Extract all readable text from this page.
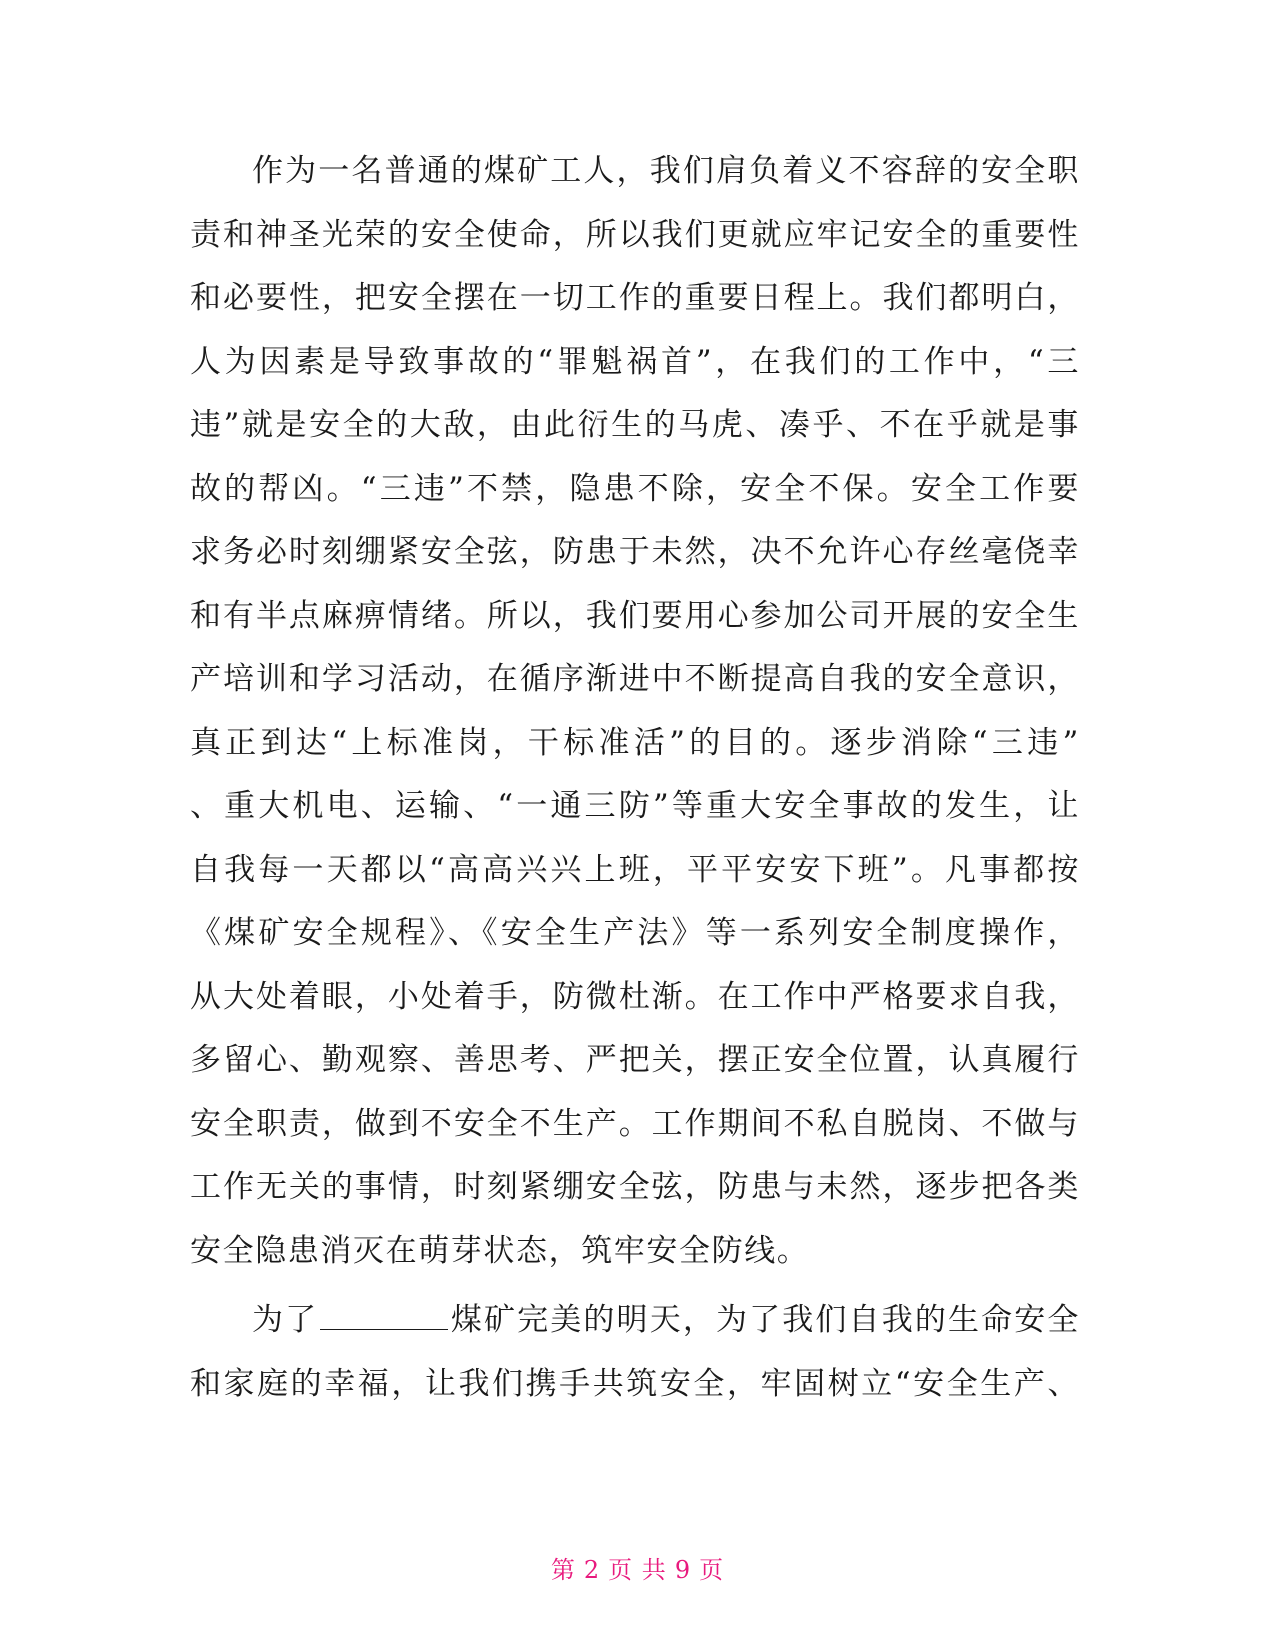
作为一名普通的煤矿工人，我们肩负着义不容辞的安全职
责和神圣光荣的安全使命，所以我们更就应牢记安全的重要性
和必要性，把安全摆在一切工作的重要日程上。我们都明白，
人为因素是导致事故的“罪魁祸首”，在我们的工作中，“三
违”就是安全的大敌，由此衍生的马虎、凑乎、不在乎就是事
故的帮凶。“三违”不禁，隐患不除，安全不保。安全工作要
求务必时刻绷紧安全弦，防患于未然，决不允许心存丝毫侥幸
和有半点麻痹情绪。所以，我们要用心参加公司开展的安全生
产培训和学习活动，在循序渐进中不断提高自我的安全意识，
真正到达“上标准岗，干标准活”的目的。逐步消除“三违”
、重大机电、运输、“一通三防”等重大安全事故的发生，让
自我每一天都以“高高兴兴上班，平平安安下班”。凡事都按
《煤矿安全规程》、《安全生产法》等一系列安全制度操作，
从大处着眼，小处着手，防微杜渐。在工作中严格要求自我，
多留心、勤观察、善思考、严把关，摆正安全位置，认真履行
安全职责，做到不安全不生产。工作期间不私自脱岗、不做与
工作无关的事情，时刻紧绷安全弦，防患与未然，逐步把各类
安全隐患消灭在萌芽状态，筑牢安全防线。
为了	煤矿完美的明天，为了我们自我的生命安全
和家庭的幸福，让我们携手共筑安全，牢固树立“安全生产、
第 2 页 共 9 页
